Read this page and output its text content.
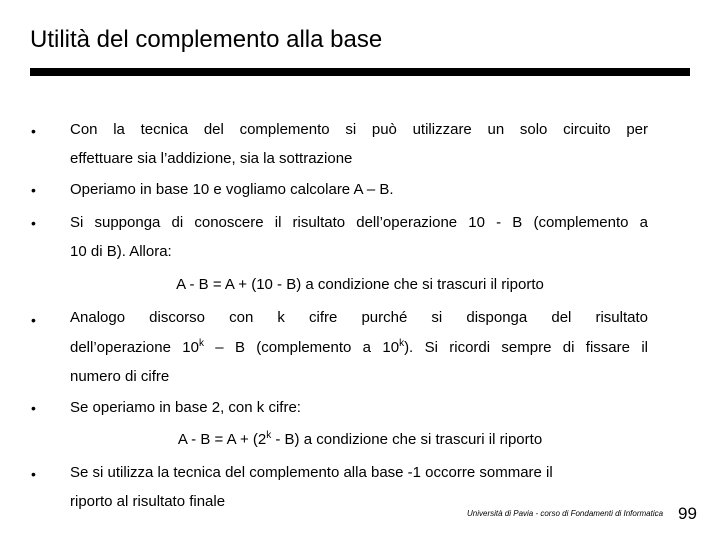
Utilità del complemento alla base
• Con la tecnica del complemento si può utilizzare un solo circuito per
effettuare sia l’addizione, sia la sottrazione
• Operiamo in base 10 e vogliamo calcolare A – B.
• Si supponga di conoscere il risultato dell’operazione 10 - B (complemento a
10 di B). Allora:
A - B = A + (10 - B) a condizione che si trascuri il riporto
• Analogo discorso con k cifre purché si disponga del risultato
dell’operazione 10$^k$ – B (complemento a 10$^k$). Si ricordi sempre di fissare il
numero di cifre
• Se operiamo in base 2, con k cifre:
$A - B = A + (2^k - B)$ a condizione che si trascuri il riporto
• Se si utilizza la tecnica del complemento alla base -1 occorre sommare il
riporto al risultato finale
Università di Pavia - corso di Fondamenti di Informatica 99
